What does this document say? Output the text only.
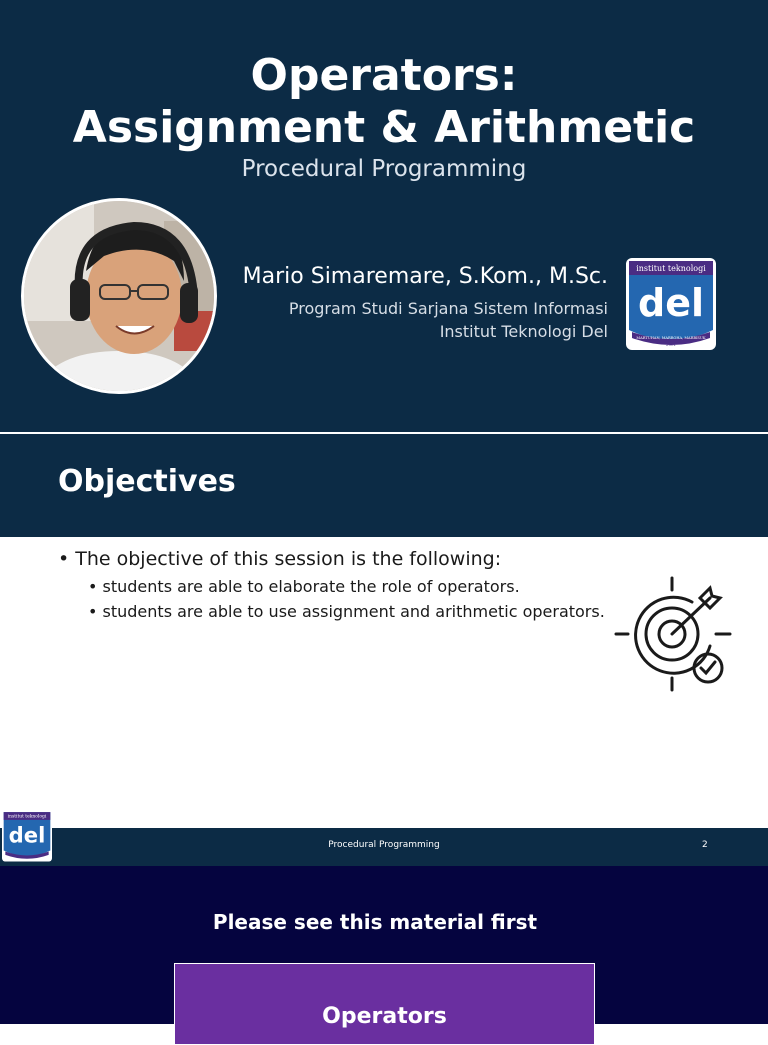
Operators:
Assignment & Arithmetic
Procedural Programming
Mario Simaremare, S.Kom., M.Sc.
Program Studi Sarjana Sistem Informasi
Institut Teknologi Del
institut teknologi
del
MARTUHAN, MARROHA, MARBISUK
2001
Objectives
• The objective of this session is the following:
• students are able to elaborate the role of operators.
• students are able to use assignment and arithmetic operators.
institut teknologi
del	Procedural Programming	2
Please see this material first
Operators
